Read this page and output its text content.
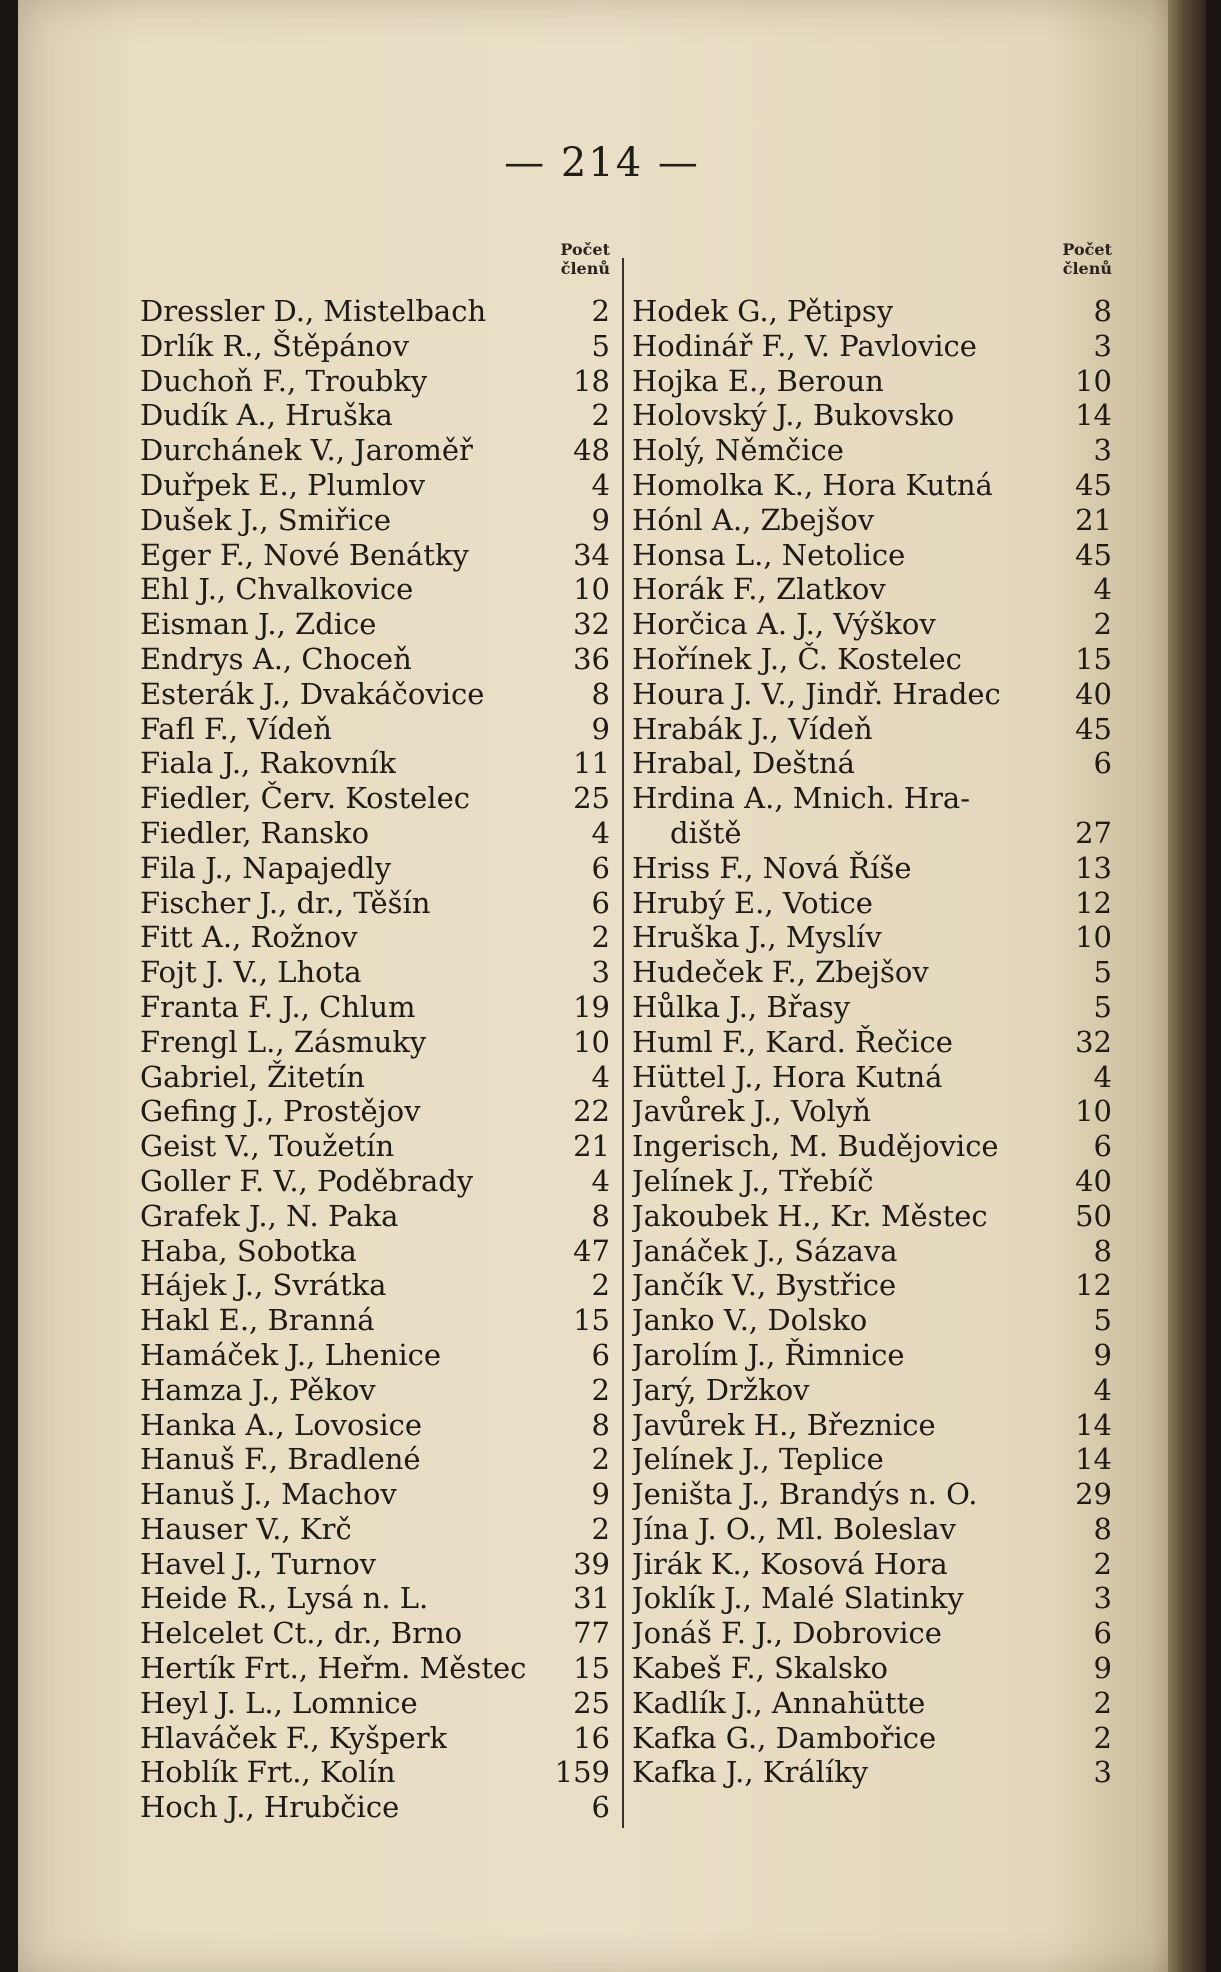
— 214 —
Počet
členů
Dressler D., Mistelbach	2
Drlík R., Štěpánov	5
Duchoň F., Troubky	18
Dudík A., Hruška	2
Durchánek V., Jaroměř	48
Duřpek E., Plumlov	4
Dušek J., Smiřice	9
Eger F., Nové Benátky	34
Ehl J., Chvalkovice	10
Eisman J., Zdice	32
Endrys A., Choceň	36
Esterák J., Dvakáčovice	8
Fafl F., Vídeň	9
Fiala J., Rakovník	11
Fiedler, Červ. Kostelec	25
Fiedler, Ransko	4
Fila J., Napajedly	6
Fischer J., dr., Těšín	6
Fitt A., Rožnov	2
Fojt J. V., Lhota	3
Franta F. J., Chlum	19
Frengl L., Zásmuky	10
Gabriel, Žitetín	4
Gefing J., Prostějov	22
Geist V., Toužetín	21
Goller F. V., Poděbrady	4
Grafek J., N. Paka	8
Haba, Sobotka	47
Hájek J., Svrátka	2
Hakl E., Branná	15
Hamáček J., Lhenice	6
Hamza J., Pěkov	2
Hanka A., Lovosice	8
Hanuš F., Bradlené	2
Hanuš J., Machov	9
Hauser V., Krč	2
Havel J., Turnov	39
Heide R., Lysá n. L.	31
Helcelet Ct., dr., Brno	77
Hertík Frt., Heřm. Městec 15
Heyl J. L., Lomnice	25
Hlaváček F., Kyšperk	16
Hoblík Frt., Kolín	159
Hoch J., Hrubčice	6
Počet
členů
Hodek G., Pětipsy	8
Hodinář F., V. Pavlovice	3
Hojka E., Beroun	10
Holovský J., Bukovsko	14
Holý, Němčice	3
Homolka K., Hora Kutná	45
Hónl A., Zbejšov	21
Honsa L., Netolice	45
Horák F., Zlatkov	4
Horčica A. J., Výškov	2
Hořínek J., Č. Kostelec	15
Houra J. V., Jindř. Hradec	40
Hrabák J., Vídeň	45
Hrabal, Deštná	6
Hrdina A., Mnich. Hra-
diště	27
Hriss F., Nová Říše	13
Hrubý E., Votice	12
Hruška J., Myslív	10
Hudeček F., Zbejšov	5
Hůlka J., Břasy	5
Huml F., Kard. Řečice	32
Hüttel J., Hora Kutná	4
Javůrek J., Volyň	10
Ingerisch, M. Budějovice	6
Jelínek J., Třebíč	40
Jakoubek H., Kr. Městec	50
Janáček J., Sázava	8
Jančík V., Bystřice	12
Janko V., Dolsko	5
Jarolím J., Řimnice	9
Jarý, Držkov	4
Javůrek H., Březnice	14
Jelínek J., Teplice	14
Jeništa J., Brandýs n. O.	29
Jína J. O., Ml. Boleslav	8
Jirák K., Kosová Hora	2
Joklík J., Malé Slatinky	3
Jonáš F. J., Dobrovice	6
Kabeš F., Skalsko	9
Kadlík J., Annahütte	2
Kafka G., Dambořice	2
Kafka J., Králíky	3
